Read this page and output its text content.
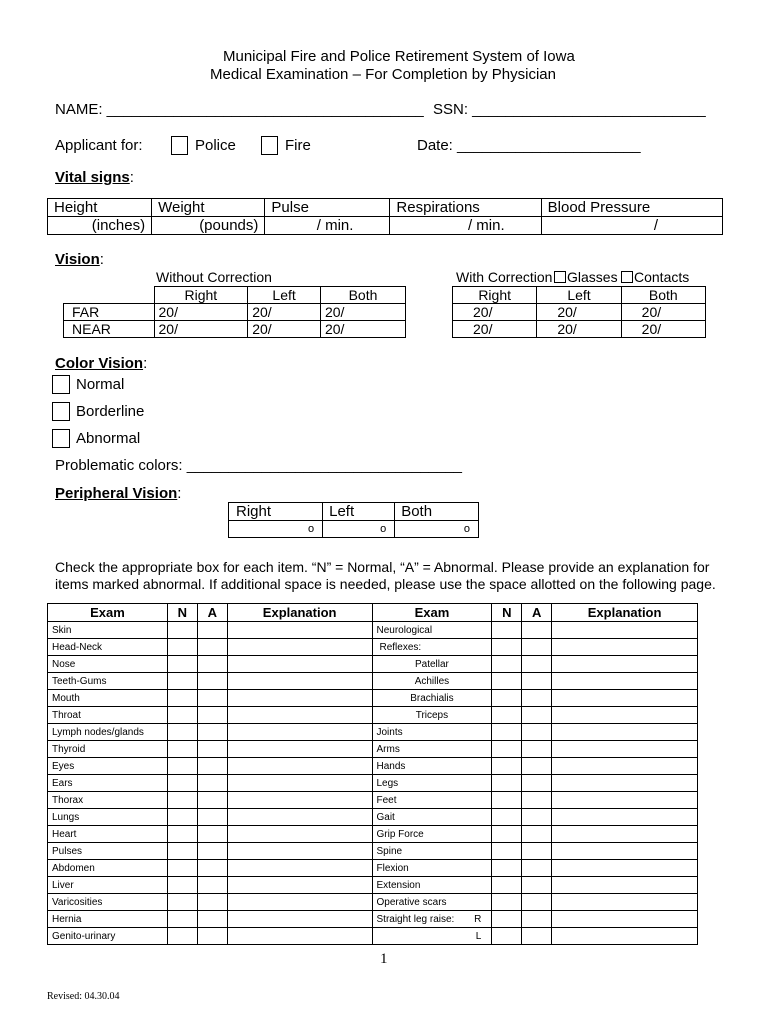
Municipal Fire and Police Retirement System of Iowa
Medical Examination – For Completion by Physician
NAME: ______________________________________ SSN: ____________________________
Applicant for:	Police	Fire	Date: ______________________
Vital signs:
Height	Weight	Pulse	Respirations	Blood Pressure
(inches)	(pounds)	/ min.	/ min.	/
Vision:
Without Correction	With Correction Glasses Contacts
	Right	Left	Both
FAR	20/	20/	20/
NEAR	20/	20/	20/
Right	Left	Both
20/	20/	20/
20/	20/	20/
Color Vision:
Normal
Borderline
Abnormal
Problematic colors: _________________________________
Peripheral Vision:
Right	Left	Both
o	o	o
Check the appropriate box for each item. “N” = Normal, “A” = Abnormal. Please provide an explanation for
items marked abnormal. If additional space is needed, please use the space allotted on the following page.
Exam	N	A	Explanation	Exam	N	A	Explanation
Skin				Neurological			
Head-Neck				Reflexes:			
Nose				Patellar			
Teeth-Gums				Achilles			
Mouth				Brachialis			
Throat				Triceps			
Lymph nodes/glands				Joints			
Thyroid				Arms			
Eyes				Hands			
Ears				Legs			
Thorax				Feet			
Lungs				Gait			
Heart				Grip Force			
Pulses				Spine			
Abdomen				Flexion			
Liver				Extension			
Varicosities				Operative scars			
Hernia				Straight leg raise: R			

Genito-urinary				L			
1
Revised: 04.30.04
